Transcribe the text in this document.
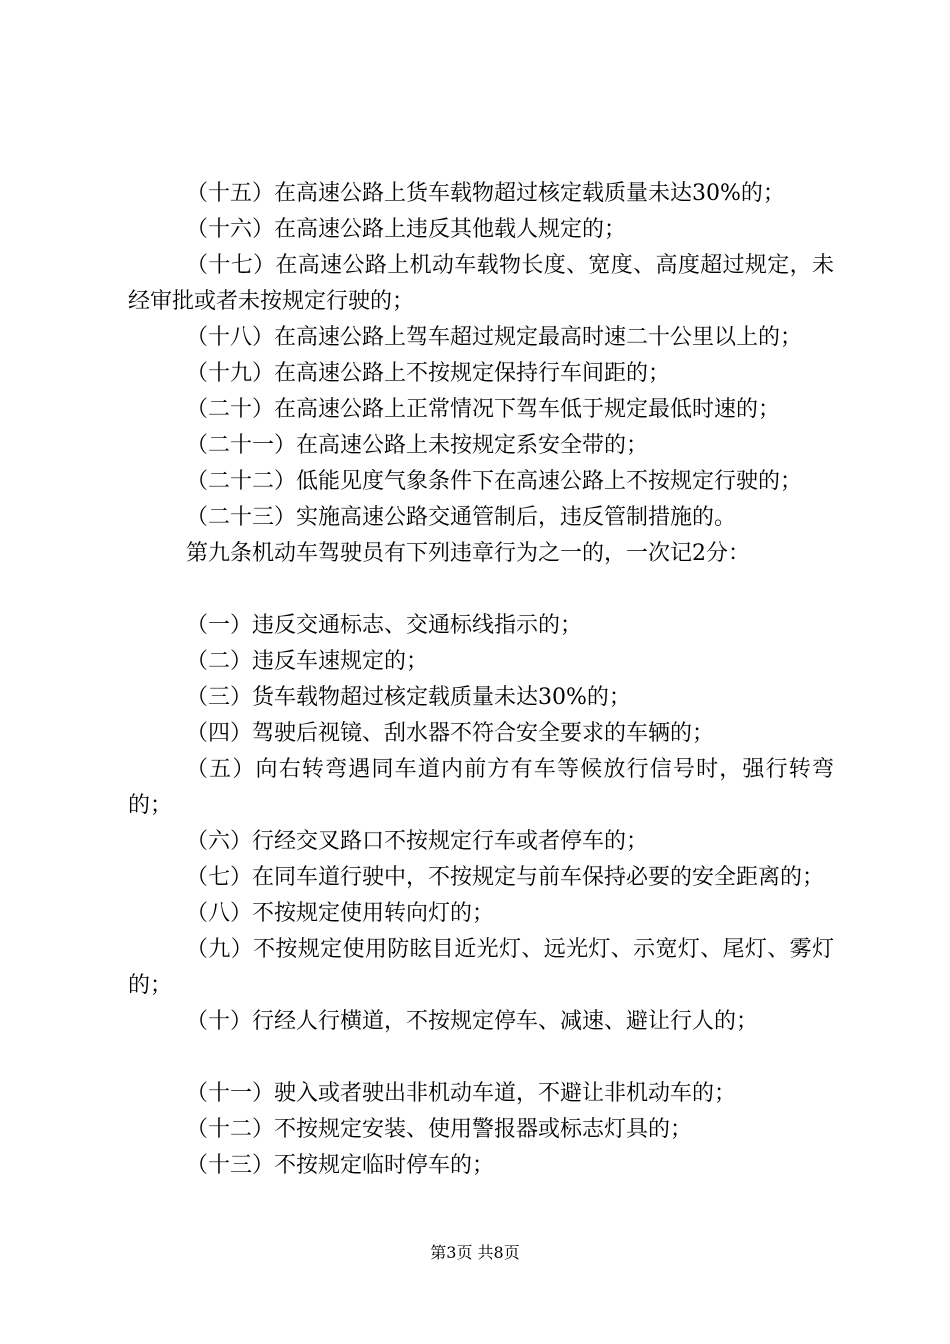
（十五）在高速公路上货车载物超过核定载质量未达30%的；

（十六）在高速公路上违反其他载人规定的；

（十七）在高速公路上机动车载物长度、宽度、高度超过规定，未经审批或者未按规定行驶的；

（十八）在高速公路上驾车超过规定最高时速二十公里以上的；

（十九）在高速公路上不按规定保持行车间距的；

（二十）在高速公路上正常情况下驾车低于规定最低时速的；

（二十一）在高速公路上未按规定系安全带的；

（二十二）低能见度气象条件下在高速公路上不按规定行驶的；

（二十三）实施高速公路交通管制后，违反管制措施的。

第九条机动车驾驶员有下列违章行为之一的，一次记2分：

（一）违反交通标志、交通标线指示的；

（二）违反车速规定的；

（三）货车载物超过核定载质量未达30%的；

（四）驾驶后视镜、刮水器不符合安全要求的车辆的；

（五）向右转弯遇同车道内前方有车等候放行信号时，强行转弯的；

（六）行经交叉路口不按规定行车或者停车的；

（七）在同车道行驶中，不按规定与前车保持必要的安全距离的；

（八）不按规定使用转向灯的；

（九）不按规定使用防眩目近光灯、远光灯、示宽灯、尾灯、雾灯的；

（十）行经人行横道，不按规定停车、减速、避让行人的；

（十一）驶入或者驶出非机动车道，不避让非机动车的；

（十二）不按规定安装、使用警报器或标志灯具的；

（十三）不按规定临时停车的；

第3页 共8页
